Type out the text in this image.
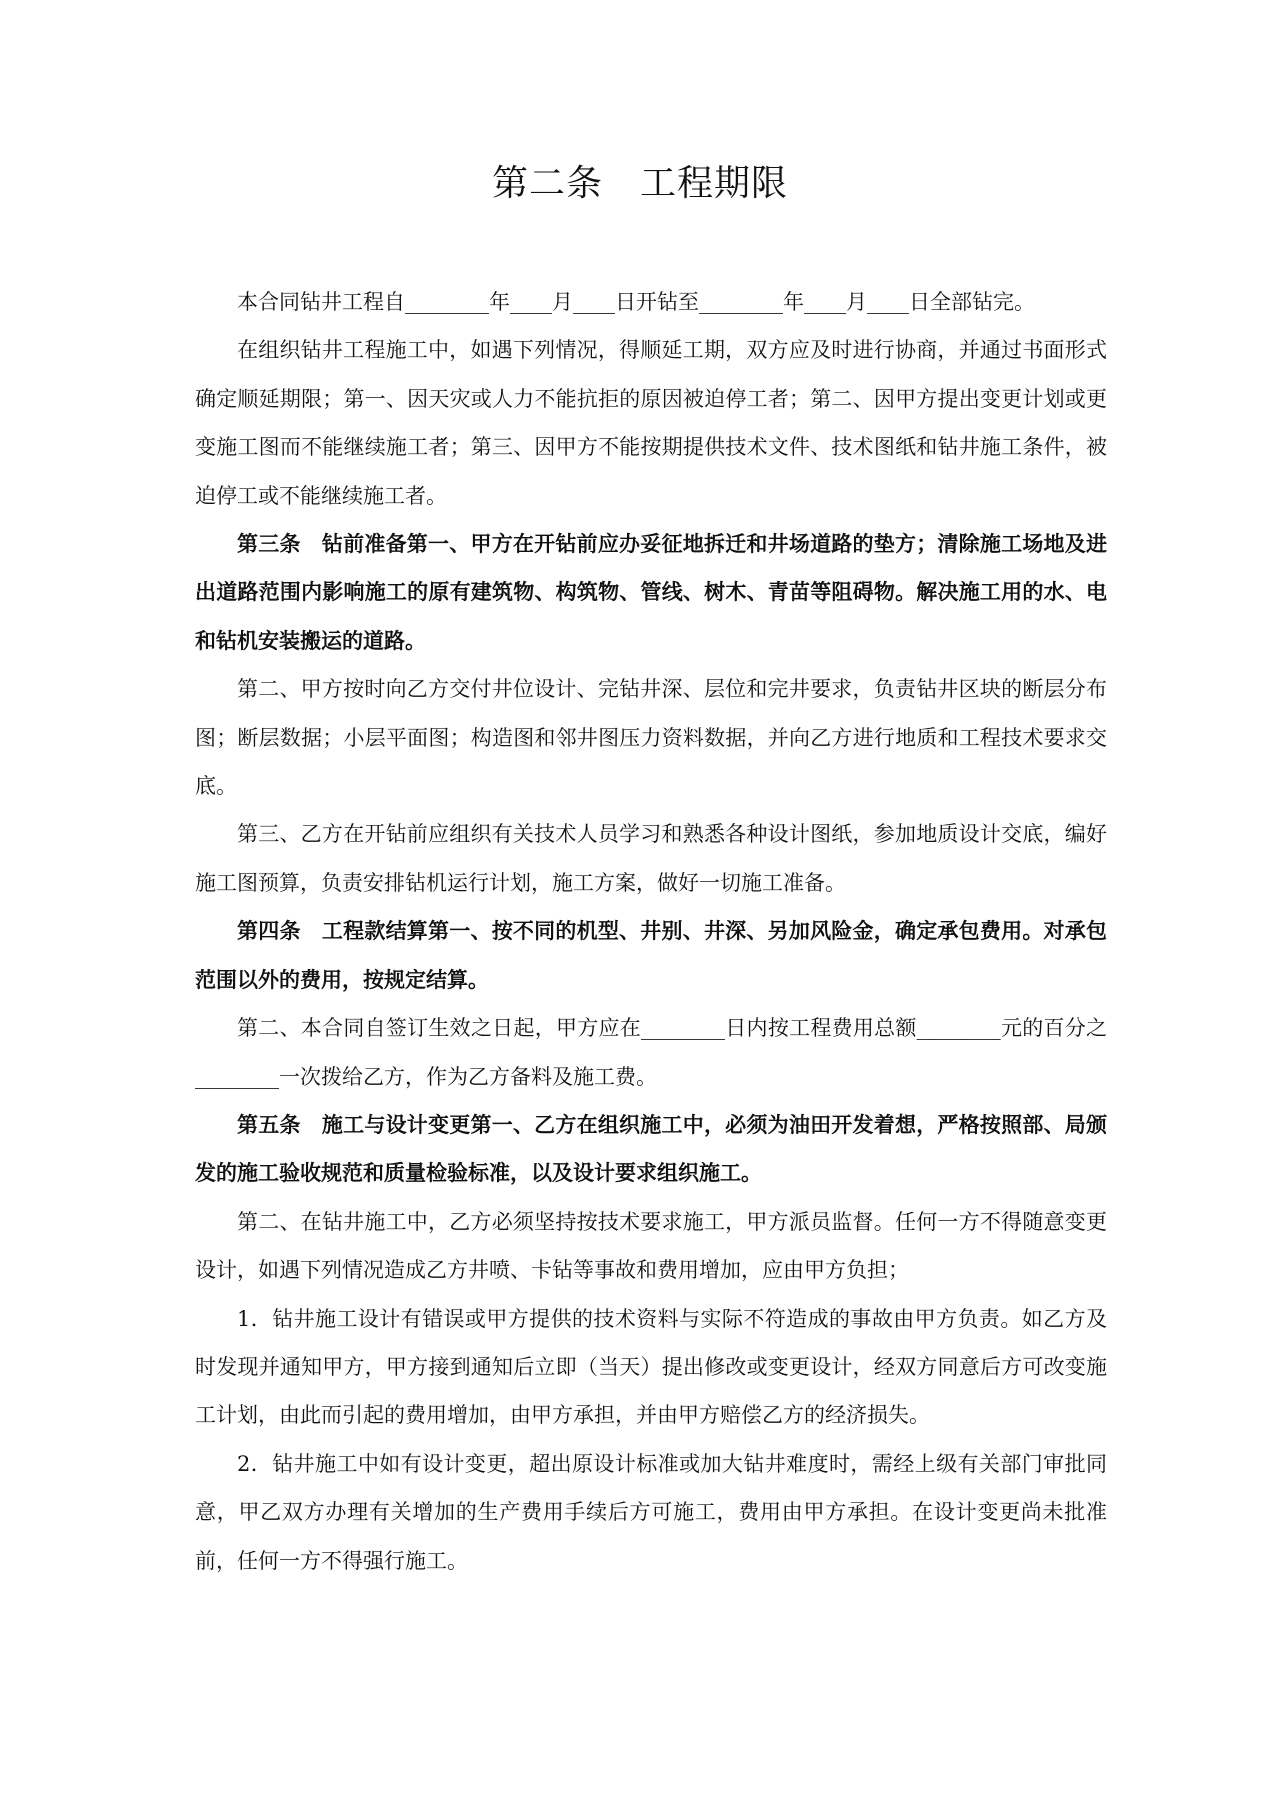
第二条　工程期限

本合同钻井工程自________年____月____日开钻至________年____月____日全部钻完。

在组织钻井工程施工中，如遇下列情况，得顺延工期，双方应及时进行协商，并通过书面形式确定顺延期限；第一、因天灾或人力不能抗拒的原因被迫停工者；第二、因甲方提出变更计划或更变施工图而不能继续施工者；第三、因甲方不能按期提供技术文件、技术图纸和钻井施工条件，被迫停工或不能继续施工者。

第三条　钻前准备第一、甲方在开钻前应办妥征地拆迁和井场道路的垫方；清除施工场地及进出道路范围内影响施工的原有建筑物、构筑物、管线、树木、青苗等阻碍物。解决施工用的水、电和钻机安装搬运的道路。

第二、甲方按时向乙方交付井位设计、完钻井深、层位和完井要求，负责钻井区块的断层分布图；断层数据；小层平面图；构造图和邻井图压力资料数据，并向乙方进行地质和工程技术要求交底。

第三、乙方在开钻前应组织有关技术人员学习和熟悉各种设计图纸，参加地质设计交底，编好施工图预算，负责安排钻机运行计划，施工方案，做好一切施工准备。

第四条　工程款结算第一、按不同的机型、井别、井深、另加风险金，确定承包费用。对承包范围以外的费用，按规定结算。

第二、本合同自签订生效之日起，甲方应在________日内按工程费用总额________元的百分之________一次拨给乙方，作为乙方备料及施工费。

第五条　施工与设计变更第一、乙方在组织施工中，必须为油田开发着想，严格按照部、局颁发的施工验收规范和质量检验标准，以及设计要求组织施工。

第二、在钻井施工中，乙方必须坚持按技术要求施工，甲方派员监督。任何一方不得随意变更设计，如遇下列情况造成乙方井喷、卡钻等事故和费用增加，应由甲方负担；

1．钻井施工设计有错误或甲方提供的技术资料与实际不符造成的事故由甲方负责。如乙方及时发现并通知甲方，甲方接到通知后立即（当天）提出修改或变更设计，经双方同意后方可改变施工计划，由此而引起的费用增加，由甲方承担，并由甲方赔偿乙方的经济损失。

2．钻井施工中如有设计变更，超出原设计标准或加大钻井难度时，需经上级有关部门审批同意，甲乙双方办理有关增加的生产费用手续后方可施工，费用由甲方承担。在设计变更尚未批准前，任何一方不得强行施工。
